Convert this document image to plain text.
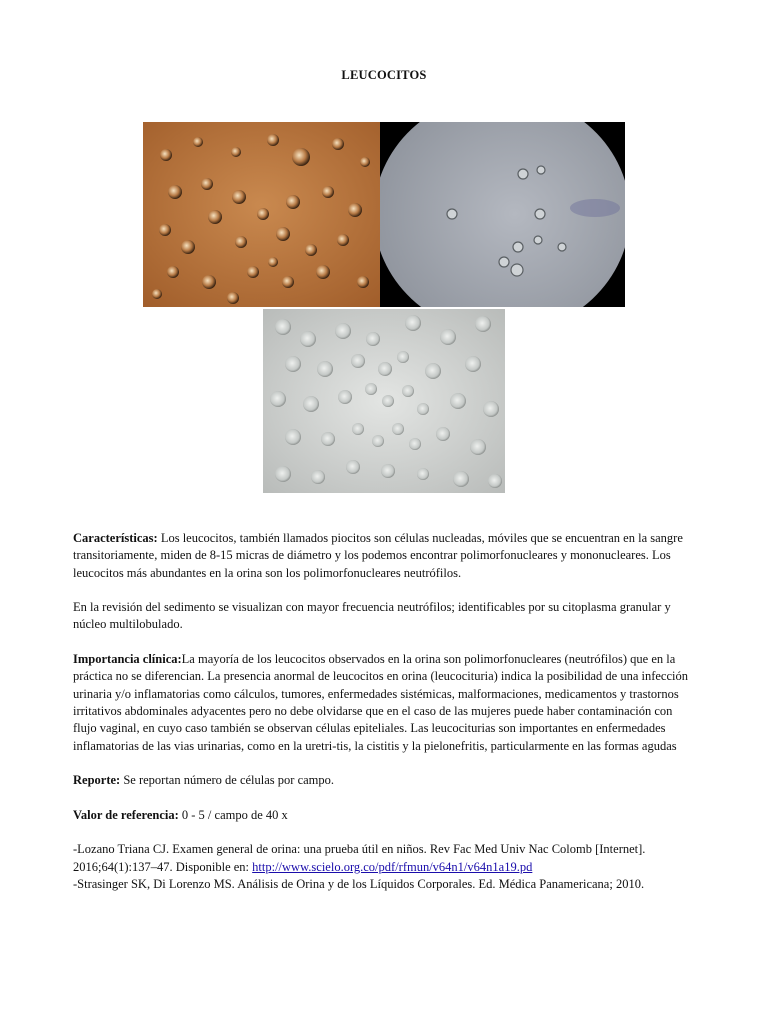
LEUCOCITOS

Características: Los leucocitos, también llamados piocitos son células nucleadas, móviles que se encuentran en la sangre transitoriamente, miden de 8-15 micras de diámetro y los podemos encontrar polimorfonucleares y mononucleares. Los leucocitos más abundantes en la orina son los polimorfonucleares neutrófilos.

En la revisión del sedimento se visualizan con mayor frecuencia neutrófilos; identificables por su citoplasma granular y núcleo multilobulado.

Importancia clínica:La mayoría de los leucocitos observados en la orina son polimorfonucleares (neutrófilos) que en la práctica no se diferencian. La presencia anormal de leucocitos en orina (leucocituria) indica la posibilidad de una infección urinaria y/o inflamatorias como cálculos, tumores, enfermedades sistémicas, malformaciones, medicamentos y trastornos irritativos abdominales adyacentes pero no debe olvidarse que en el caso de las mujeres puede haber contaminación con flujo vaginal, en cuyo caso también se observan células epiteliales. Las leucociturias son importantes en enfermedades inflamatorias de las vias urinarias, como en la uretri-tis, la cistitis y la pielonefritis, particularmente en las formas agudas

Reporte: Se reportan número de células por campo.

Valor de referencia: 0 - 5 / campo de 40 x

-Lozano Triana CJ. Examen general de orina: una prueba útil en niños. Rev Fac Med Univ Nac Colomb [Internet]. 2016;64(1):137–47. Disponible en: http://www.scielo.org.co/pdf/rfmun/v64n1/v64n1a19.pd

-Strasinger SK, Di Lorenzo MS. Análisis de Orina y de los Líquidos Corporales. Ed. Médica Panamericana; 2010.
